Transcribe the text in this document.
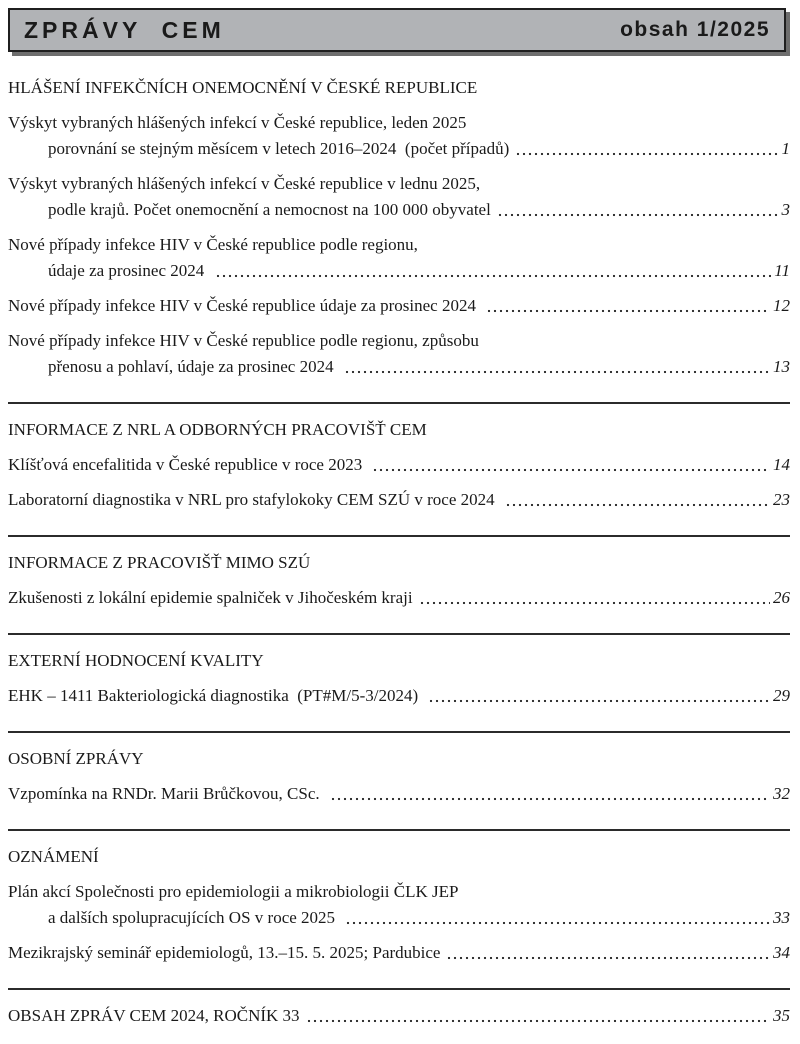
ZPRÁVY  CEM	obsah 1/2025
HLÁŠENÍ INFEKČNÍCH ONEMOCNĚNÍ V ČESKÉ REPUBLICE
Výskyt vybraných hlášených infekcí v České republice, leden 2025
porovnání se stejným měsícem v letech 2016–2024  (počet případů)	1
Výskyt vybraných hlášených infekcí v České republice v lednu 2025,
podle krajů. Počet onemocnění a nemocnost na 100 000 obyvatel	3
Nové případy infekce HIV v České republice podle regionu,
údaje za prosinec 2024	11
Nové případy infekce HIV v České republice údaje za prosinec 2024	12
Nové případy infekce HIV v České republice podle regionu, způsobu
přenosu a pohlaví, údaje za prosinec 2024	13
INFORMACE Z NRL A ODBORNÝCH PRACOVIŠŤ CEM
Klíšťová encefalitida v České republice v roce 2023	14
Laboratorní diagnostika v NRL pro stafylokoky CEM SZÚ v roce 2024	23
INFORMACE Z PRACOVIŠŤ MIMO SZÚ
Zkušenosti z lokální epidemie spalniček v Jihočeském kraji	26
EXTERNÍ HODNOCENÍ KVALITY
EHK – 1411 Bakteriologická diagnostika  (PT#M/5-3/2024)	29
OSOBNÍ ZPRÁVY
Vzpomínka na RNDr. Marii Brůčkovou, CSc.	32
OZNÁMENÍ
Plán akcí Společnosti pro epidemiologii a mikrobiologii ČLK JEP
a dalších spolupracujících OS v roce 2025	33
Mezikrajský seminář epidemiologů, 13.–15. 5. 2025; Pardubice	34
OBSAH ZPRÁV CEM 2024, ROČNÍK 33	35
